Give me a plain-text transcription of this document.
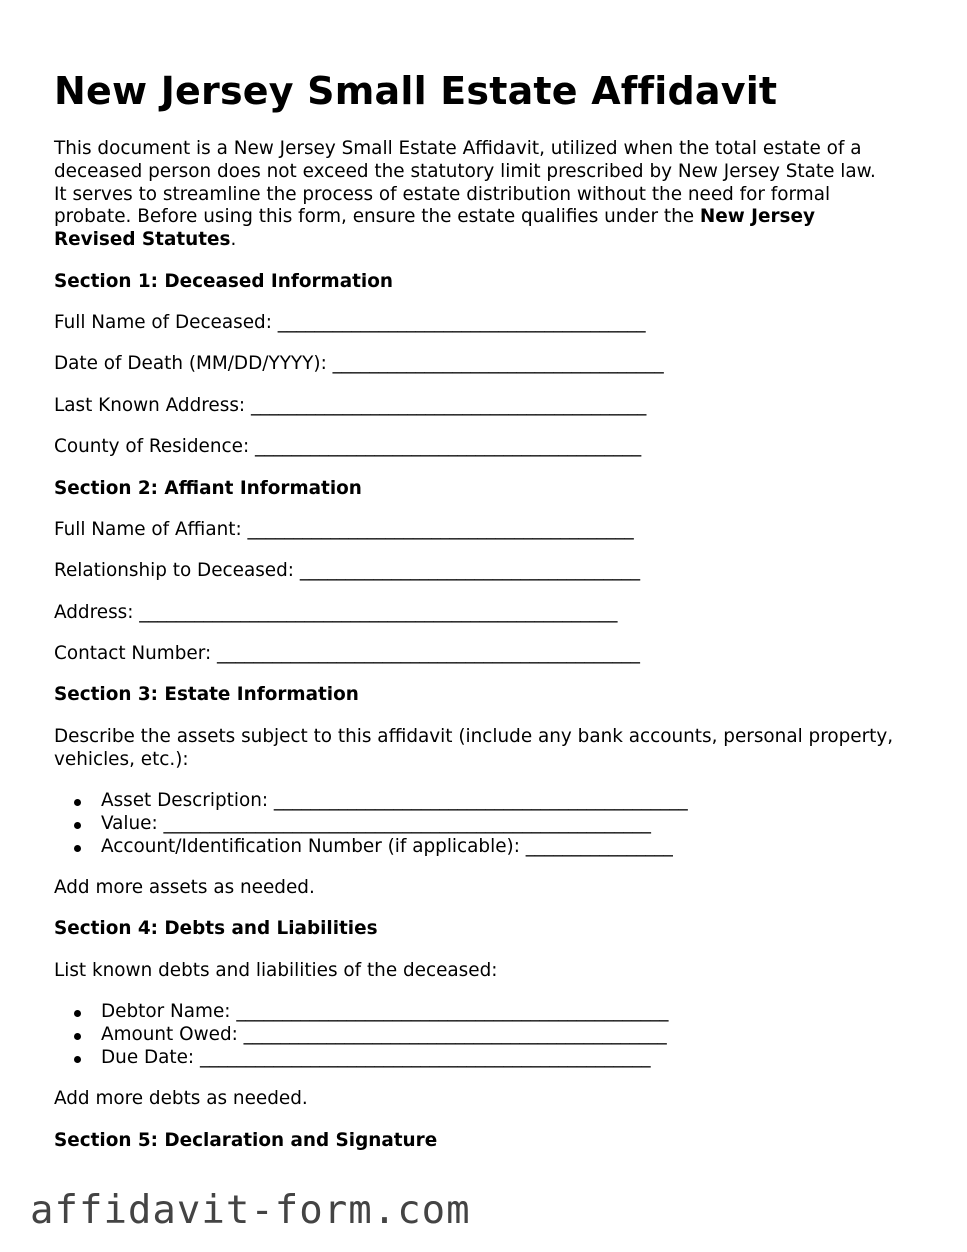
New Jersey Small Estate Affidavit
This document is a New Jersey Small Estate Affidavit, utilized when the total estate of a
deceased person does not exceed the statutory limit prescribed by New Jersey State law.
It serves to streamline the process of estate distribution without the need for formal
probate. Before using this form, ensure the estate qualifies under the New Jersey
Revised Statutes.
Section 1: Deceased Information
Full Name of Deceased: ________________________________________
Date of Death (MM/DD/YYYY): ____________________________________
Last Known Address: ___________________________________________
County of Residence: __________________________________________
Section 2: Affiant Information
Full Name of Affiant: __________________________________________
Relationship to Deceased: _____________________________________
Address: ____________________________________________________
Contact Number: ______________________________________________
Section 3: Estate Information
Describe the assets subject to this affidavit (include any bank accounts, personal property,
vehicles, etc.):
Asset Description: _____________________________________________
Value: _____________________________________________________
Account/Identification Number (if applicable): ________________
Add more assets as needed.
Section 4: Debts and Liabilities
List known debts and liabilities of the deceased:
Debtor Name: _______________________________________________
Amount Owed: ______________________________________________
Due Date: _________________________________________________
Add more debts as needed.
Section 5: Declaration and Signature
affidavit-form.com
